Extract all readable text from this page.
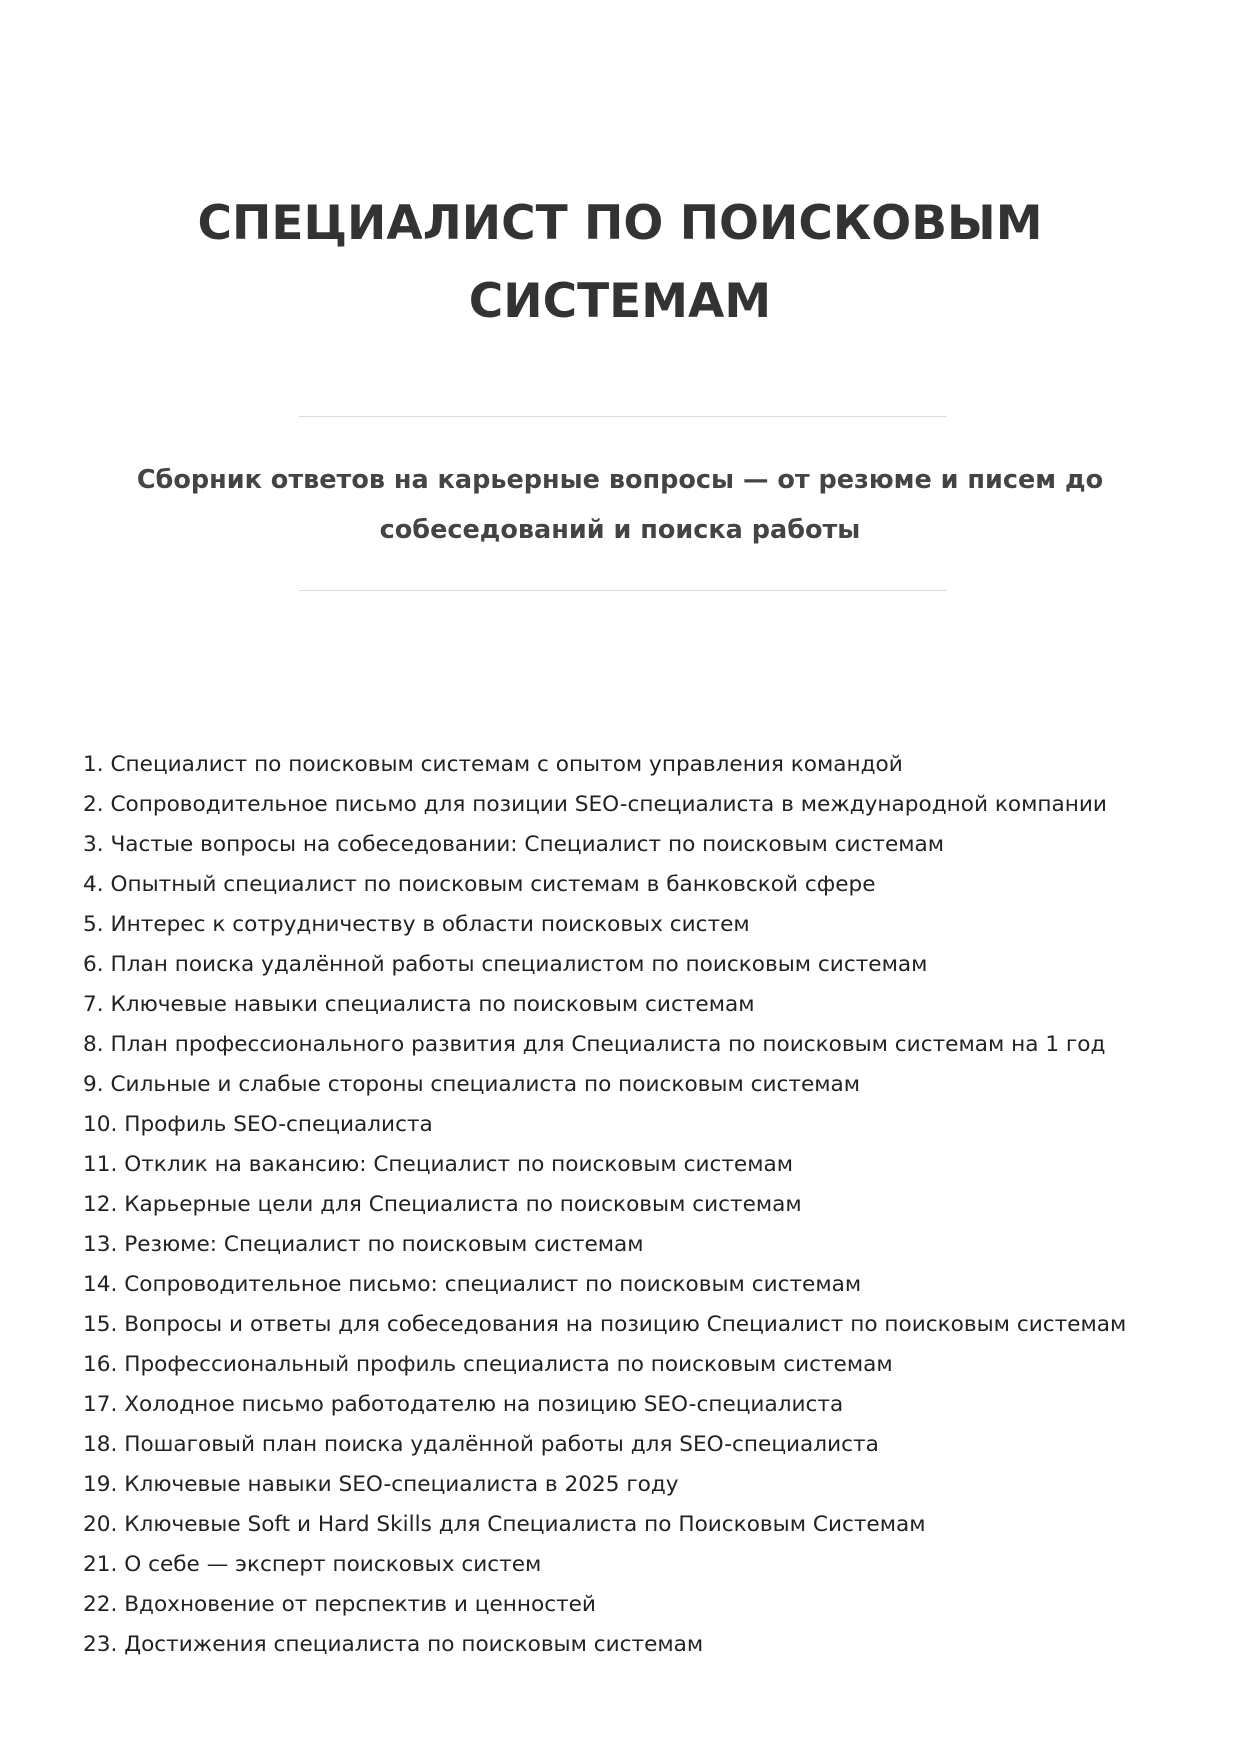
СПЕЦИАЛИСТ ПО ПОИСКОВЫМ СИСТЕМАМ

Сборник ответов на карьерные вопросы — от резюме и писем до собеседований и поиска работы

1. Специалист по поисковым системам с опытом управления командой
2. Сопроводительное письмо для позиции SEO-специалиста в международной компании
3. Частые вопросы на собеседовании: Специалист по поисковым системам
4. Опытный специалист по поисковым системам в банковской сфере
5. Интерес к сотрудничеству в области поисковых систем
6. План поиска удалённой работы специалистом по поисковым системам
7. Ключевые навыки специалиста по поисковым системам
8. План профессионального развития для Специалиста по поисковым системам на 1 год
9. Сильные и слабые стороны специалиста по поисковым системам
10. Профиль SEO-специалиста
11. Отклик на вакансию: Специалист по поисковым системам
12. Карьерные цели для Специалиста по поисковым системам
13. Резюме: Специалист по поисковым системам
14. Сопроводительное письмо: специалист по поисковым системам
15. Вопросы и ответы для собеседования на позицию Специалист по поисковым системам
16. Профессиональный профиль специалиста по поисковым системам
17. Холодное письмо работодателю на позицию SEO-специалиста
18. Пошаговый план поиска удалённой работы для SEO-специалиста
19. Ключевые навыки SEO-специалиста в 2025 году
20. Ключевые Soft и Hard Skills для Специалиста по Поисковым Системам
21. О себе — эксперт поисковых систем
22. Вдохновение от перспектив и ценностей
23. Достижения специалиста по поисковым системам
